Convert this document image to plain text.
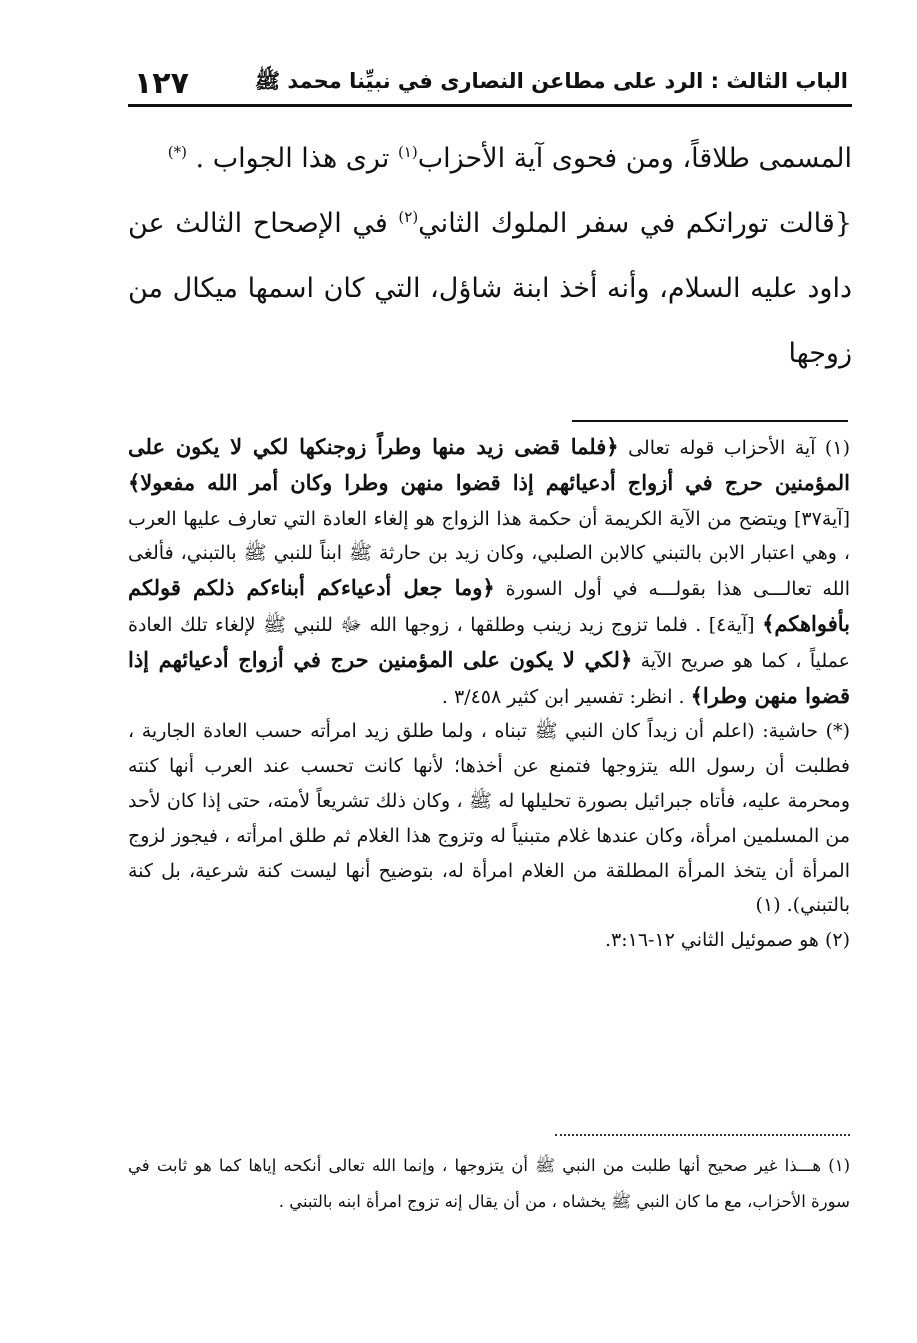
١٢٧	الباب الثالث : الرد على مطاعن النصارى في نبيِّنا محمد ﷺ

المسمى طلاقاً، ومن فحوى آية الأحزاب$^{(١)}$ ترى هذا الجواب . (*)

{قالت توراتكم في سفر الملوك الثاني$^{(٢)}$ في الإصحاح الثالث عن داود عليه السلام، وأنه أخذ ابنة شاؤل، التي كان اسمها ميكال من زوجها

(١) آية الأحزاب قوله تعالى ﴿فلما قضى زيد منها وطراً زوجنكها لكي لا يكون على المؤمنين حرج في أزواج أدعيائهم إذا قضوا منهن وطرا وكان أمر الله مفعولا﴾ [آية٣٧] ويتضح من الآية الكريمة أن حكمة هذا الزواج هو إلغاء العادة التي تعارف عليها العرب ، وهي اعتبار الابن بالتبني كالابن الصلبي، وكان زيد بن حارثة ﷺ ابناً للنبي ﷺ بالتبني، فألغى الله تعالـــى هذا بقولـــه في أول السورة ﴿وما جعل أدعياءكم أبناءكم ذلكم قولكم بأفواهكم﴾ [آية٤] . فلما تزوج زيد زينب وطلقها ، زوجها الله ﷻ للنبي ﷺ لإلغاء تلك العادة عملياً ، كما هو صريح الآية ﴿لكي لا يكون على المؤمنين حرج في أزواج أدعيائهم إذا قضوا منهن وطرا﴾ . انظر: تفسير ابن كثير ٣/٤٥٨ .

(*) حاشية: (اعلم أن زيداً كان النبي ﷺ تبناه ، ولما طلق زيد امرأته حسب العادة الجارية ، فطلبت أن رسول الله يتزوجها فتمنع عن أخذها؛ لأنها كانت تحسب عند العرب أنها كنته ومحرمة عليه، فأتاه جبرائيل بصورة تحليلها له ﷺ ، وكان ذلك تشريعاً لأمته، حتى إذا كان لأحد من المسلمين امرأة، وكان عندها غلام متبنياً له وتزوج هذا الغلام ثم طلق امرأته ، فيجوز لزوج المرأة أن يتخذ المرأة المطلقة من الغلام امرأة له، بتوضيح أنها ليست كنة شرعية، بل كنة بالتبني). (١)

(٢) هو صموئيل الثاني ١٢-٣:١٦.

(١) هـــذا غير صحيح أنها طلبت من النبي ﷺ أن يتزوجها ، وإنما الله تعالى أنكحه إياها كما هو ثابت في سورة الأحزاب، مع ما كان النبي ﷺ يخشاه ، من أن يقال إنه تزوج امرأة ابنه بالتبني .
